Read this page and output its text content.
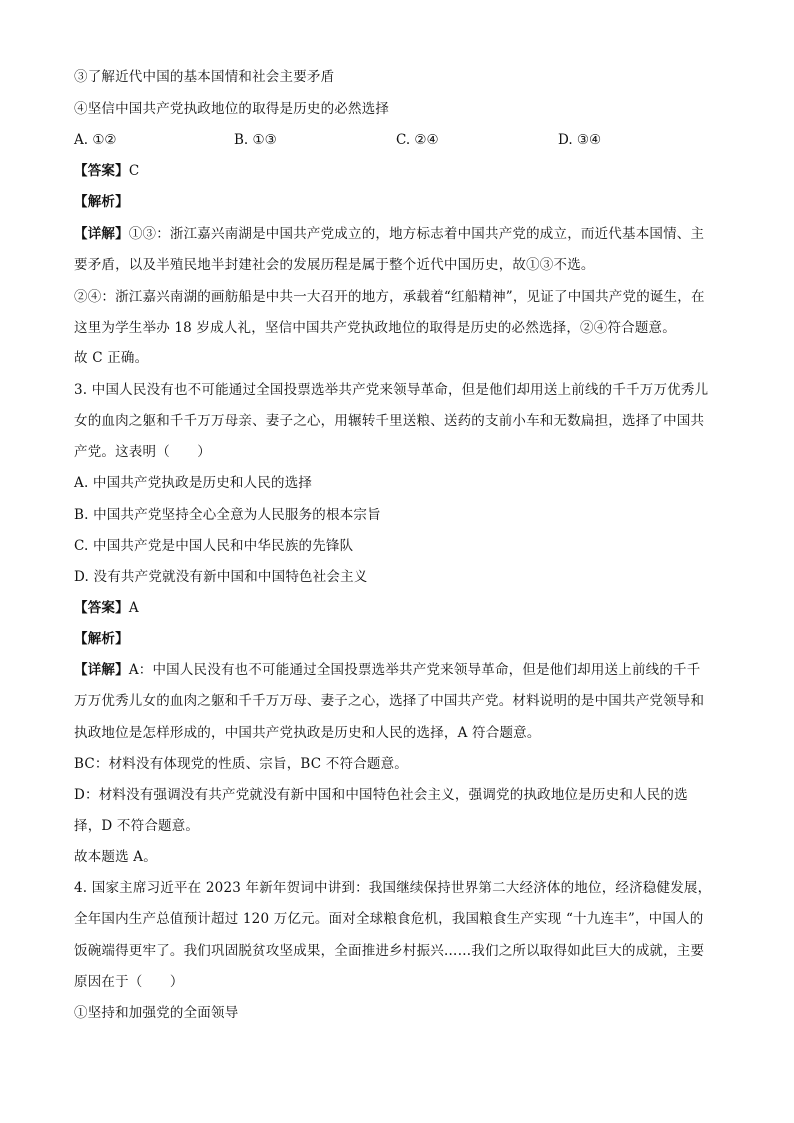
③了解近代中国的基本国情和社会主要矛盾
④坚信中国共产党执政地位的取得是历史的必然选择
A. ①②	B. ①③	C. ②④	D. ③④
【答案】C
【解析】
【详解】①③：浙江嘉兴南湖是中国共产党成立的，地方标志着中国共产党的成立，而近代基本国情、主
要矛盾，以及半殖民地半封建社会的发展历程是属于整个近代中国历史，故①③不选。
②④：浙江嘉兴南湖的画舫船是中共一大召开的地方，承载着“红船精神”，见证了中国共产党的诞生，在
这里为学生举办 18 岁成人礼，坚信中国共产党执政地位的取得是历史的必然选择，②④符合题意。
故 C 正确。
3. 中国人民没有也不可能通过全国投票选举共产党来领导革命，但是他们却用送上前线的千千万万优秀儿
女的血肉之躯和千千万万母亲、妻子之心，用辗转千里送粮、送药的支前小车和无数扁担，选择了中国共
产党。这表明（　　）
A. 中国共产党执政是历史和人民的选择
B. 中国共产党坚持全心全意为人民服务的根本宗旨
C. 中国共产党是中国人民和中华民族的先锋队
D. 没有共产党就没有新中国和中国特色社会主义
【答案】A
【解析】
【详解】A：中国人民没有也不可能通过全国投票选举共产党来领导革命，但是他们却用送上前线的千千
万万优秀儿女的血肉之躯和千千万万母、妻子之心，选择了中国共产党。材料说明的是中国共产党领导和
执政地位是怎样形成的，中国共产党执政是历史和人民的选择，A 符合题意。
BC：材料没有体现党的性质、宗旨，BC 不符合题意。
D：材料没有强调没有共产党就没有新中国和中国特色社会主义，强调党的执政地位是历史和人民的选
择，D 不符合题意。
故本题选 A。
4. 国家主席习近平在 2023 年新年贺词中讲到：我国继续保持世界第二大经济体的地位，经济稳健发展，
全年国内生产总值预计超过 120 万亿元。面对全球粮食危机，我国粮食生产实现 “十九连丰”，中国人的
饭碗端得更牢了。我们巩固脱贫攻坚成果，全面推进乡村振兴……我们之所以取得如此巨大的成就，主要
原因在于（　　）
①坚持和加强党的全面领导
